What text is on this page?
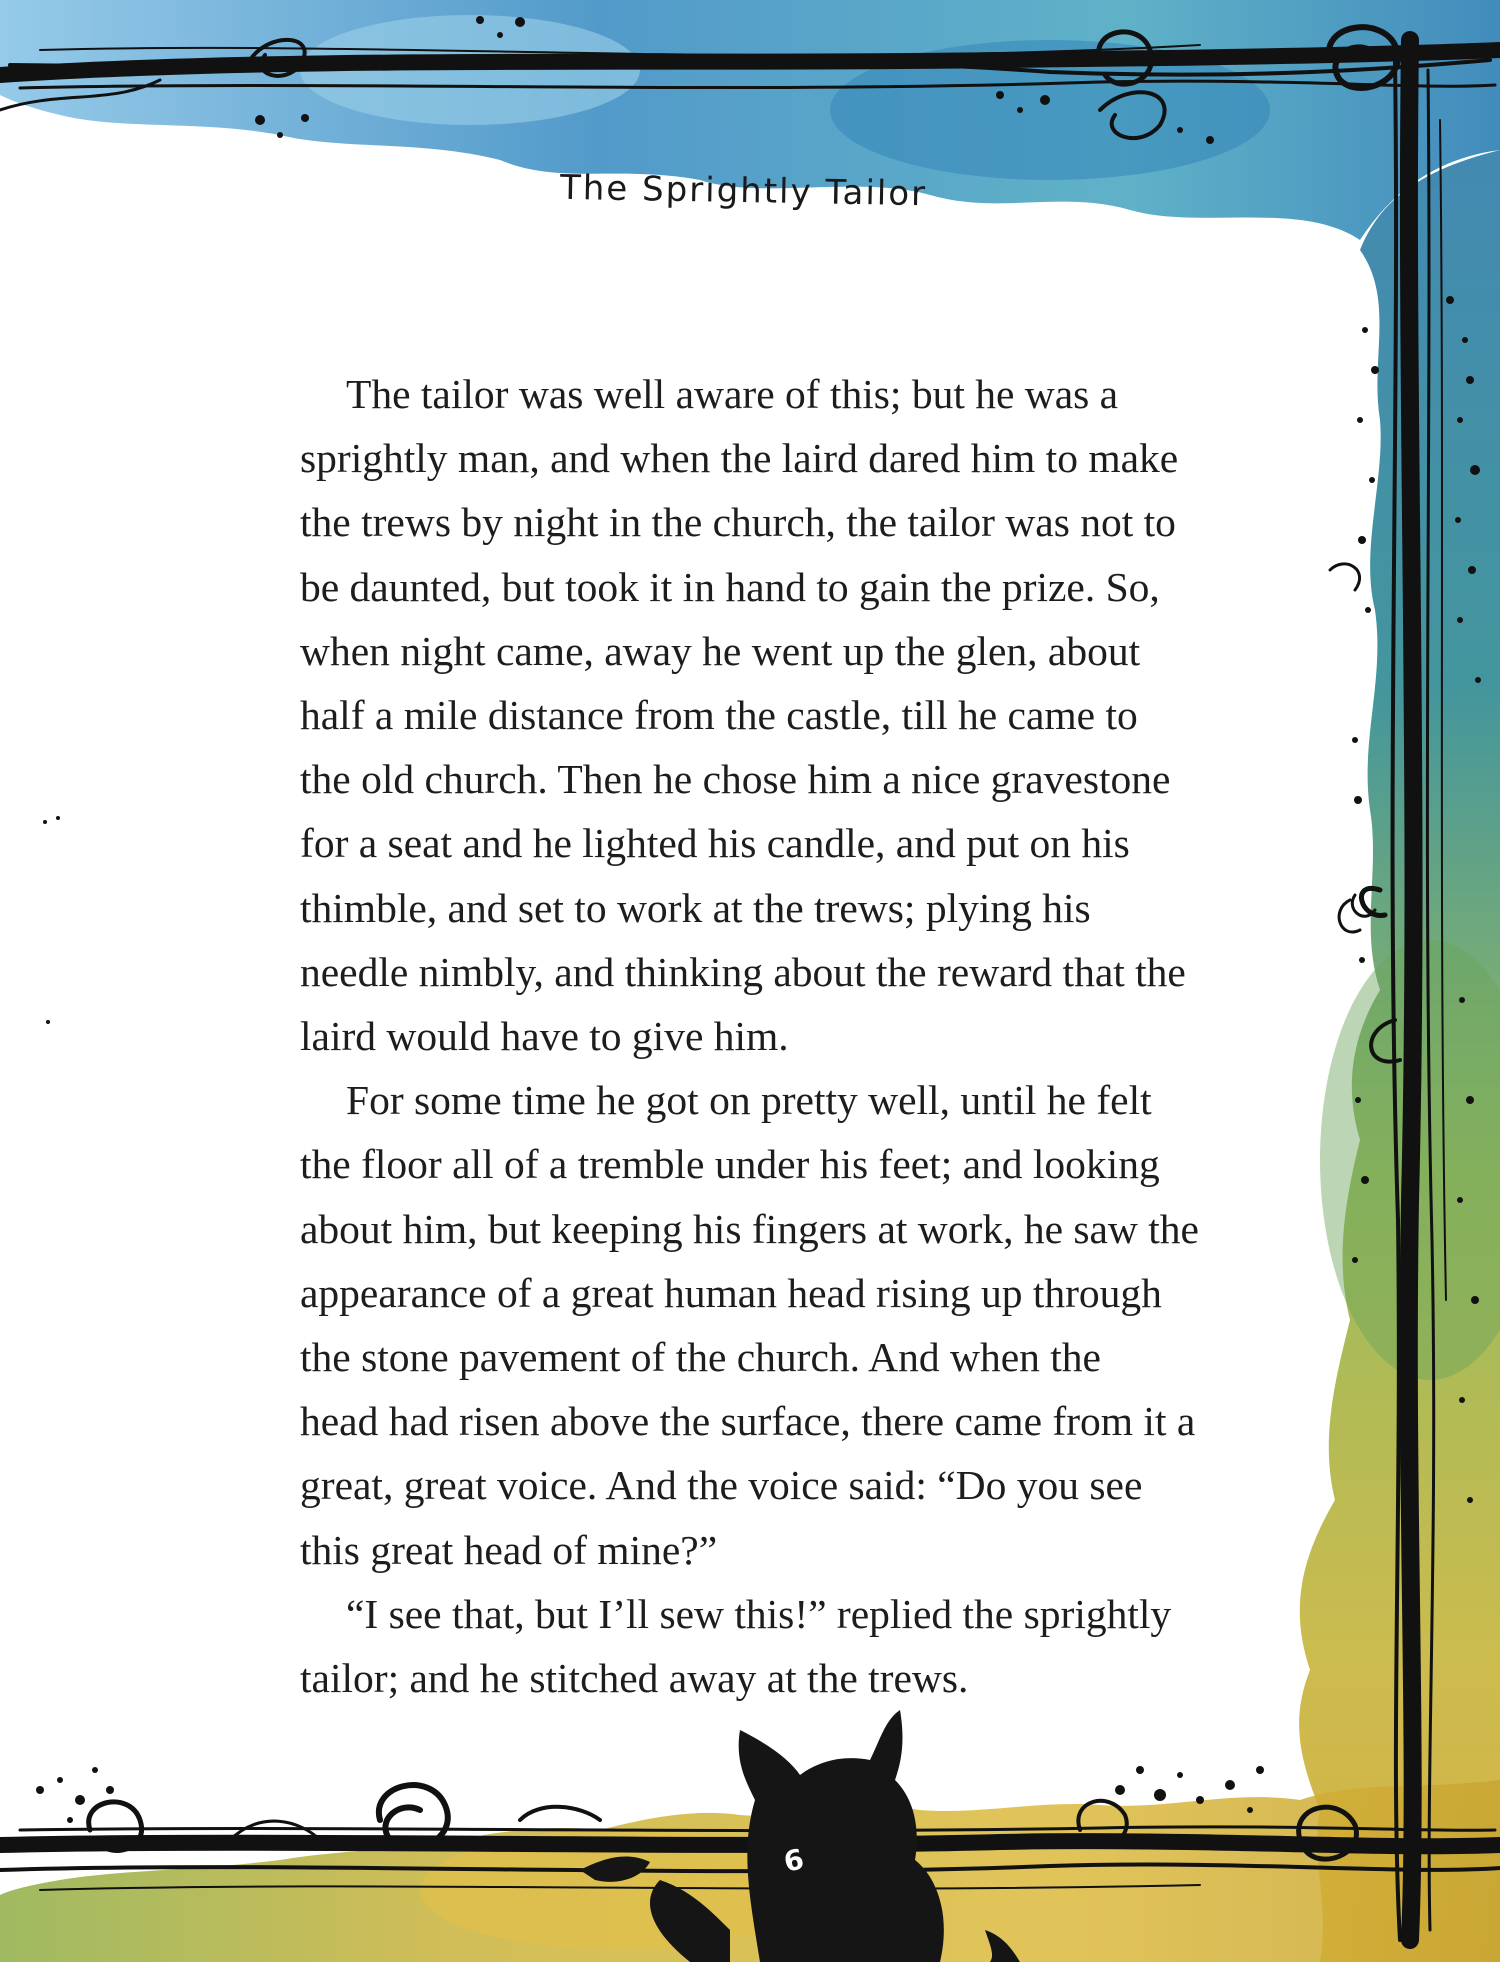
The Sprightly Tailor
The tailor was well aware of this; but he was a
sprightly man, and when the laird dared him to make
the trews by night in the church, the tailor was not to
be daunted, but took it in hand to gain the prize. So,
when night came, away he went up the glen, about
half a mile distance from the castle, till he came to
the old church. Then he chose him a nice gravestone
for a seat and he lighted his candle, and put on his
thimble, and set to work at the trews; plying his
needle nimbly, and thinking about the reward that the
laird would have to give him.
For some time he got on pretty well, until he felt
the floor all of a tremble under his feet; and looking
about him, but keeping his fingers at work, he saw the
appearance of a great human head rising up through
the stone pavement of the church. And when the
head had risen above the surface, there came from it a
great, great voice. And the voice said: “Do you see
this great head of mine?”
“I see that, but I’ll sew this!” replied the sprightly
tailor; and he stitched away at the trews.
6
